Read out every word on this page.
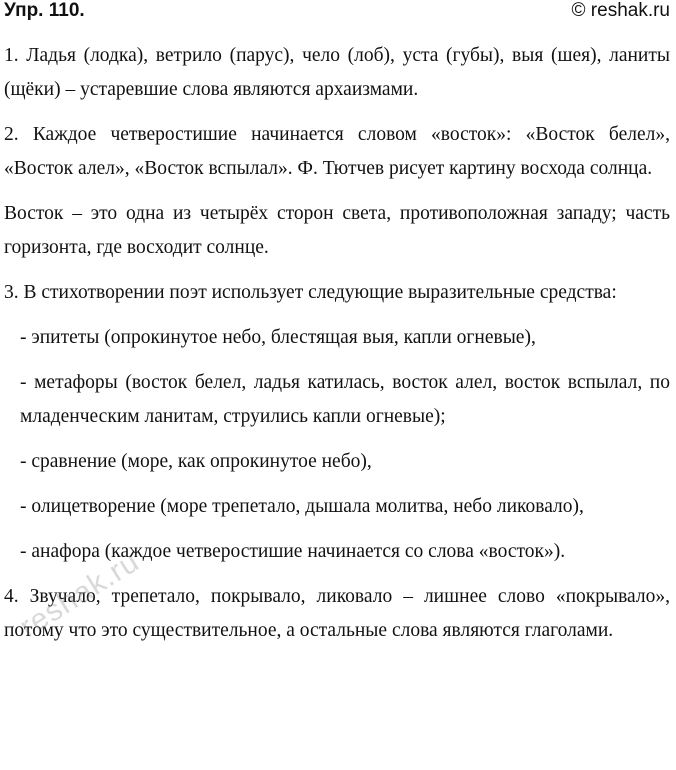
Упр. 110.	© reshak.ru

1. Ладья (лодка), ветрило (парус), чело (лоб), уста (губы), выя (шея), ланиты (щёки) – устаревшие слова являются архаизмами.

2. Каждое четверостишие начинается словом «восток»: «Восток белел», «Восток алел», «Восток вспылал». Ф. Тютчев рисует картину восхода солнца.

Восток – это одна из четырёх сторон света, противоположная западу; часть горизонта, где восходит солнце.

3. В стихотворении поэт использует следующие выразительные средства:

- эпитеты (опрокинутое небо, блестящая выя, капли огневые),

- метафоры (восток белел, ладья катилась, восток алел, восток вспылал, по младенческим ланитам, струились капли огневые);

- сравнение (море, как опрокинутое небо),

- олицетворение (море трепетало, дышала молитва, небо ликовало),

- анафора (каждое четверостишие начинается со слова «восток»).

4. Звучало, трепетало, покрывало, ликовало – лишнее слово «покрывало», потому что это существительное, а остальные слова являются глаголами.

reshak.ru
